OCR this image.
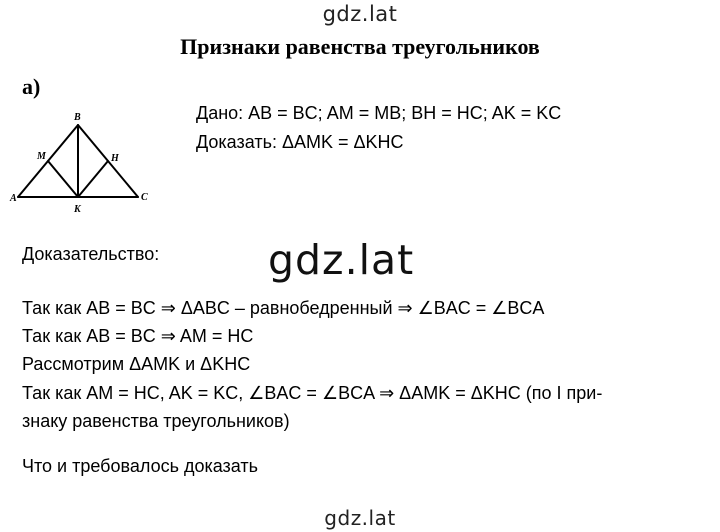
gdz.lat
Признаки равенства треугольников
а)
B
M	H
A	C
K
Дано: AB = BC; AM = MB; BH = HC; AK = KC
Доказать: ΔAMK = ΔKHC
Доказательство:	gdz.lat
Так как AB = BC ⇒ ΔABC – равнобедренный ⇒ ∠BAC = ∠BCA
Так как AB = BC ⇒ AM = HC
Рассмотрим ΔAMK и ΔKHC
Так как AM = HC, AK = KC, ∠BAC = ∠BCA ⇒ ΔAMK = ΔKHC (по I при-
знаку равенства треугольников)
Что и требовалось доказать
gdz.lat
